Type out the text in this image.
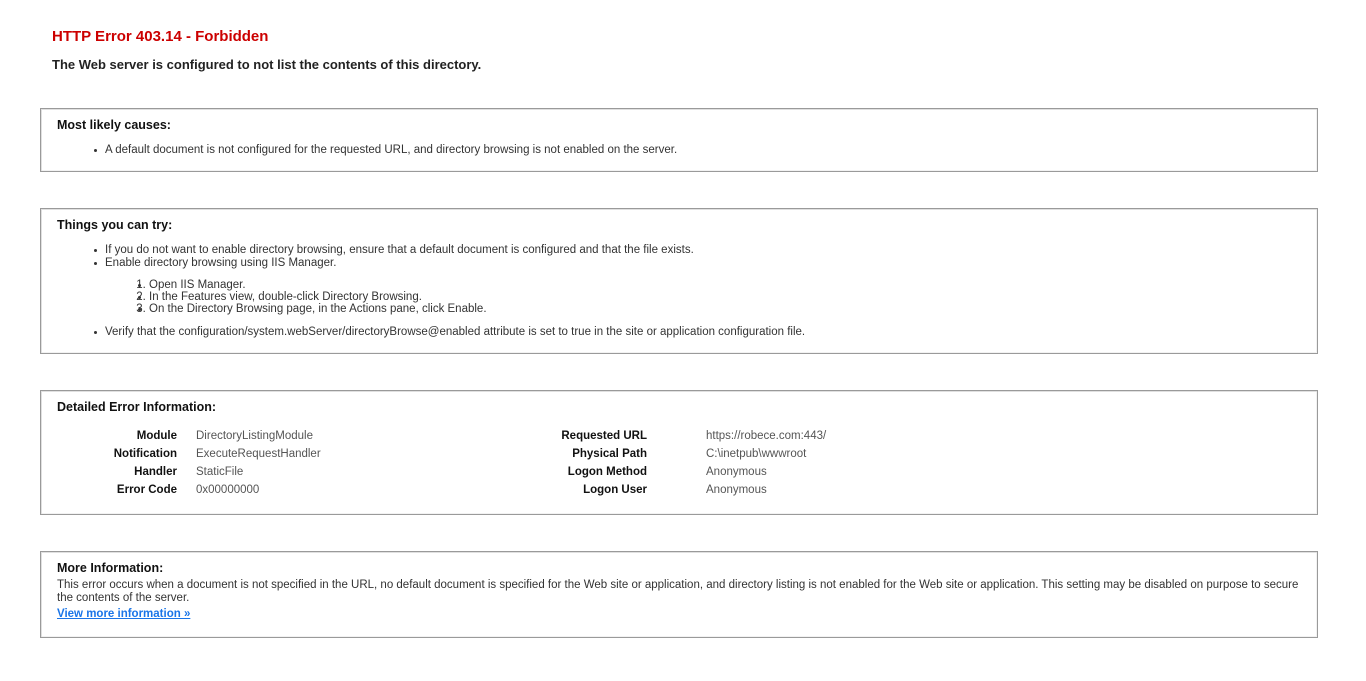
HTTP Error 403.14 - Forbidden
The Web server is configured to not list the contents of this directory.
Most likely causes:
A default document is not configured for the requested URL, and directory browsing is not enabled on the server.
Things you can try:
If you do not want to enable directory browsing, ensure that a default document is configured and that the file exists.
Enable directory browsing using IIS Manager.
1. Open IIS Manager.
2. In the Features view, double-click Directory Browsing.
3. On the Directory Browsing page, in the Actions pane, click Enable.
Verify that the configuration/system.webServer/directoryBrowse@enabled attribute is set to true in the site or application configuration file.
Detailed Error Information:
Module	DirectoryListingModule	Requested URL	https://robece.com:443/
Notification	ExecuteRequestHandler	Physical Path	C:\inetpub\wwwroot
Handler	StaticFile	Logon Method	Anonymous
Error Code	0x00000000	Logon User	Anonymous
More Information:

This error occurs when a document is not specified in the URL, no default document is specified for the Web site or application, and directory listing is not enabled for the Web site or application. This setting may be disabled on purpose to secure the contents of the server.

View more information »
